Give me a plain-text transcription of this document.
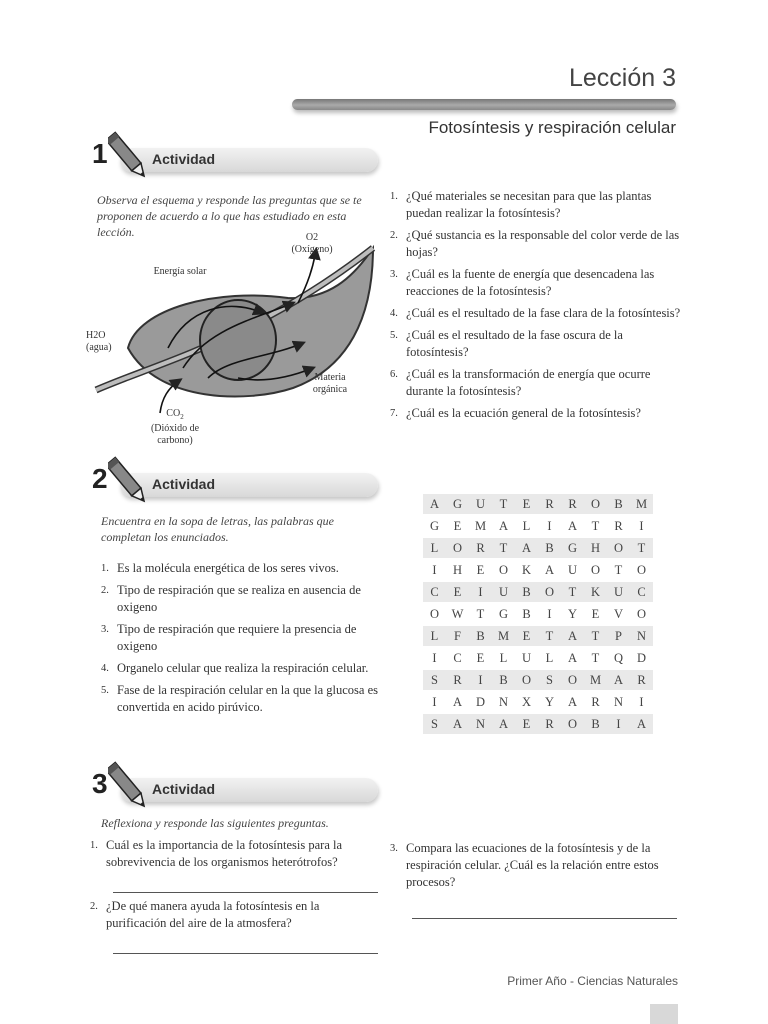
Lección 3
Fotosíntesis y respiración celular
1	Actividad
Observa el esquema y responde las preguntas que se te proponen de acuerdo a lo que has estudiado en esta lección.	O2
(Oxígeno)
Energía solar
H2O
(agua)
Materia
orgánica
$CO_2$
(Dióxido de
carbono)
1. ¿Qué materiales se necesitan para que las plantas puedan realizar la fotosíntesis?
2. ¿Qué sustancia es la responsable del color verde de las hojas?
3. ¿Cuál es la fuente de energía que desencadena las reacciones de la fotosíntesis?
4. ¿Cuál es el resultado de la fase clara de la fotosíntesis?
5. ¿Cuál es el resultado de la fase oscura de la fotosíntesis?
6. ¿Cuál es la transformación de energía que ocurre durante la fotosíntesis?
7. ¿Cuál es la ecuación general de la fotosíntesis?
2	Actividad
Encuentra en la sopa de letras, las palabras que completan los enunciados.
1. Es la molécula energética de los seres vivos.
2. Tipo de respiración que se realiza en ausencia de oxigeno
3. Tipo de respiración que requiere la presencia de oxigeno
4. Organelo celular que realiza la respiración celular.
5. Fase de la respiración celular en la que la glucosa es convertida en acido pirúvico.
A	G	U	T	E	R	R	O	B	M
G	E	M	A	L	I	A	T	R	I
L	O	R	T	A	B	G	H	O	T
I	H	E	O	K	A	U	O	T	O
C	E	I	U	B	O	T	K	U	C
O	W	T	G	B	I	Y	E	V	O
L	F	B	M	E	T	A	T	P	N
I	C	E	L	U	L	A	T	Q	D
S	R	I	B	O	S	O	M	A	R
I	A	D	N	X	Y	A	R	N	I
S	A	N	A	E	R	O	B	I	A
3	Actividad
Reflexiona y responde las siguientes preguntas.
1. Cuál es la importancia de la fotosíntesis para la sobrevivencia de los organismos heterótrofos?
2. ¿De qué manera ayuda la fotosíntesis en la purificación del aire de la atmosfera?
3. Compara las ecuaciones de la fotosíntesis y de la respiración celular. ¿Cuál es la relación entre estos procesos?
Primer Año - Ciencias Naturales
